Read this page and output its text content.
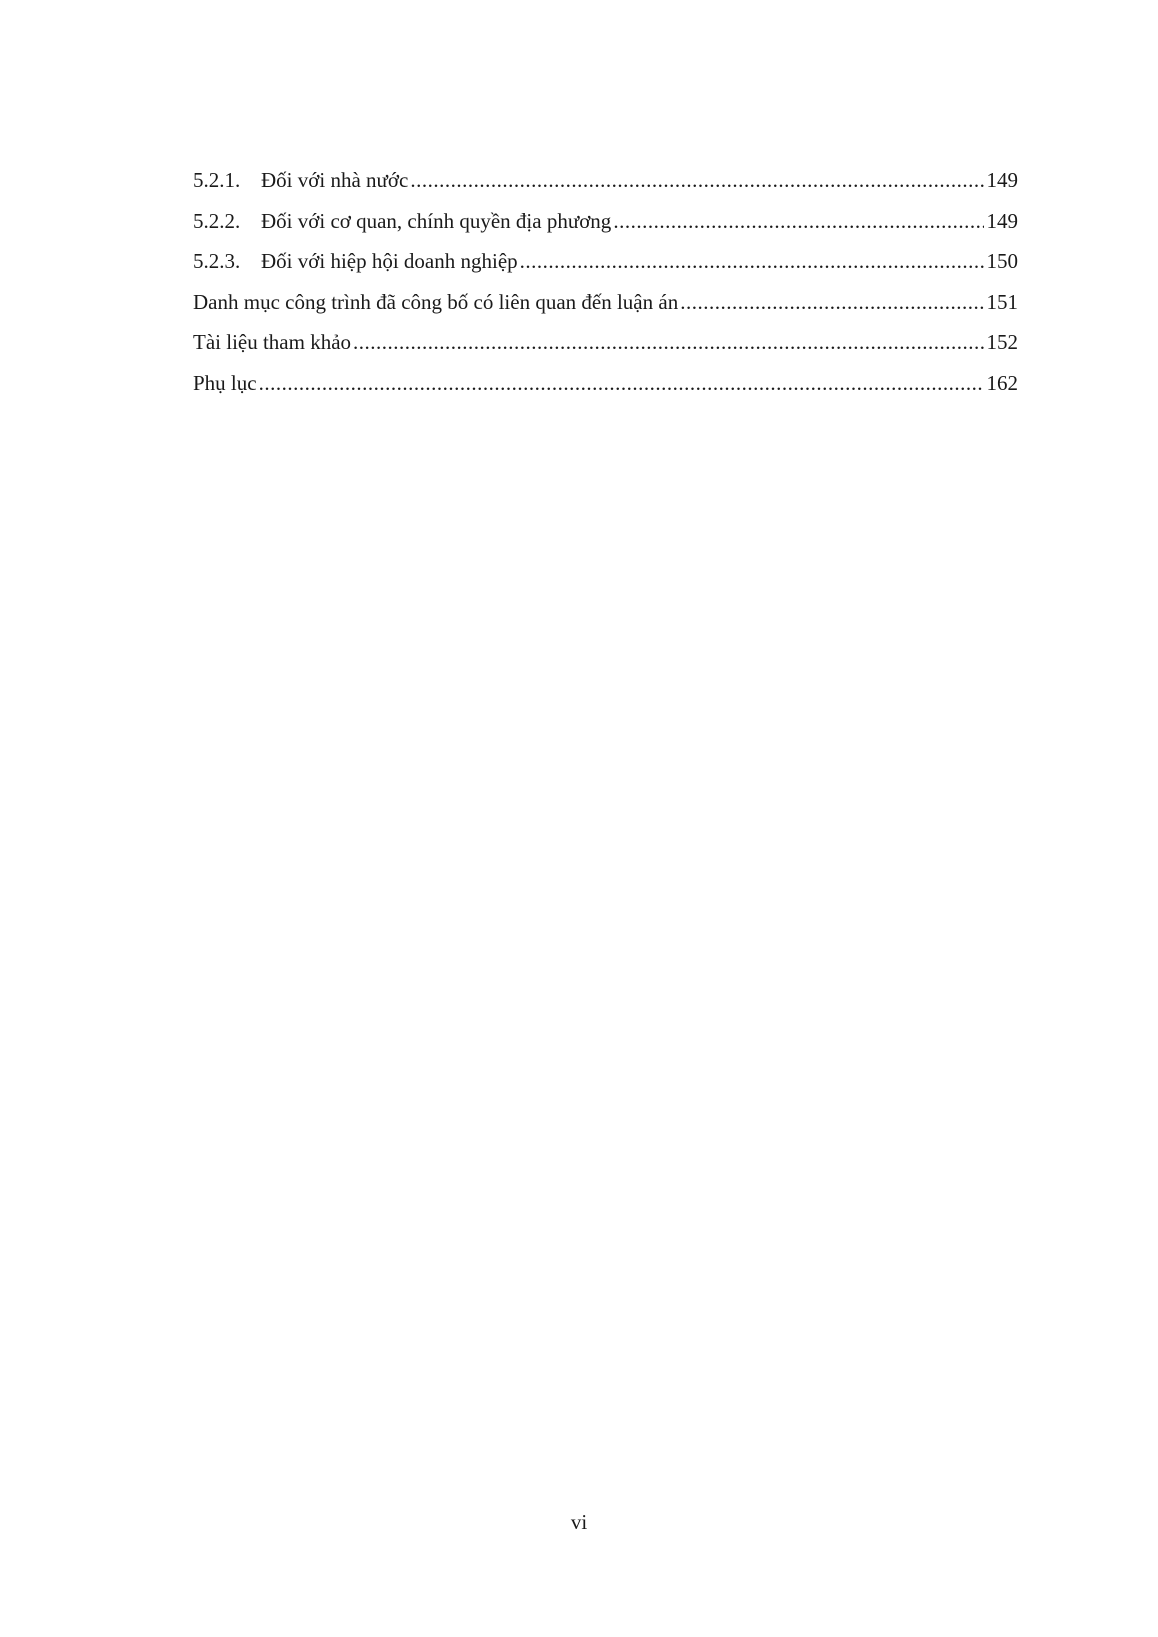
5.2.1. Đối với nhà nước .....	149
5.2.2. Đối với cơ quan, chính quyền địa phương .....	149
5.2.3. Đối với hiệp hội doanh nghiệp .....	150
Danh mục công trình đã công bố có liên quan đến luận án .....	151
Tài liệu tham khảo .....	152
Phụ lục .....	162
vi
